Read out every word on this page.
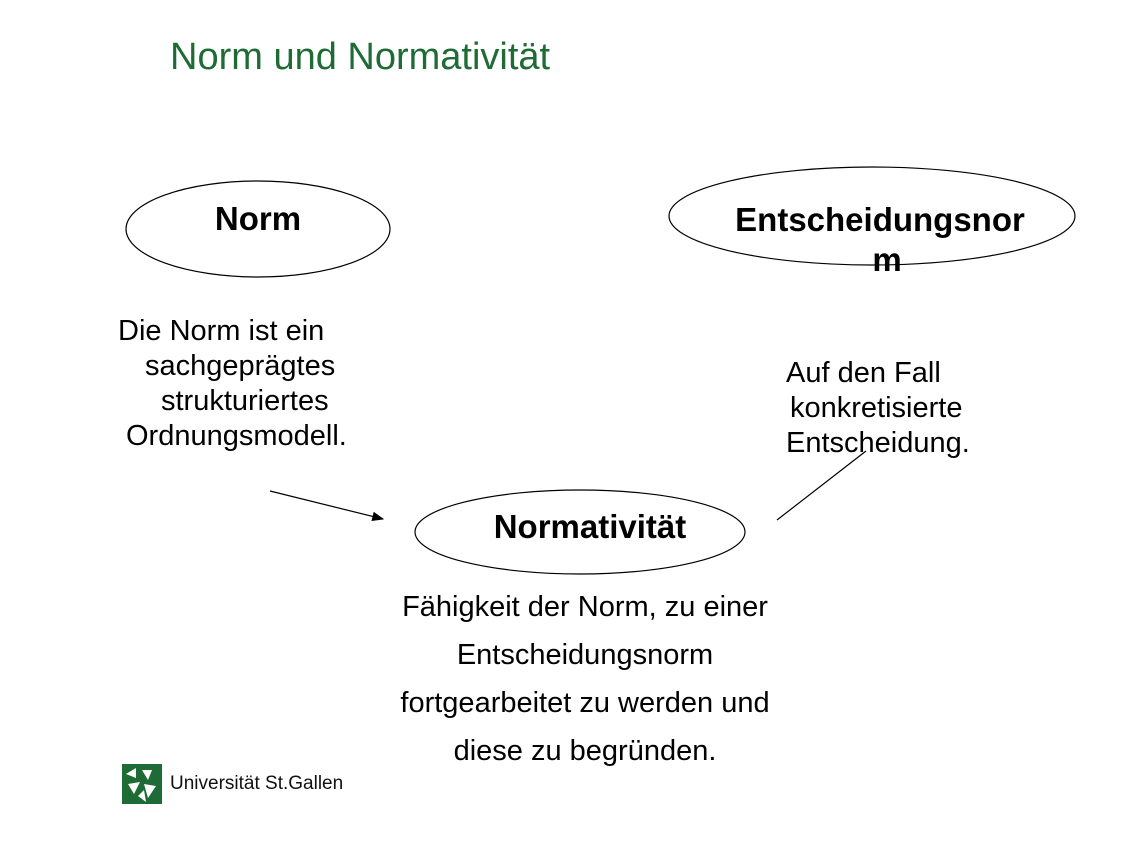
Norm und Normativität
Norm	Entscheidungsnor
m
Normativität
Die Norm ist ein
sachgeprägtes
strukturiertes
Ordnungsmodell.
Auf den Fall
konkretisierte
Entscheidung.
Fähigkeit der Norm, zu einer
Entscheidungsnorm
fortgearbeitet zu werden und
diese zu begründen.
Universität St.Gallen
